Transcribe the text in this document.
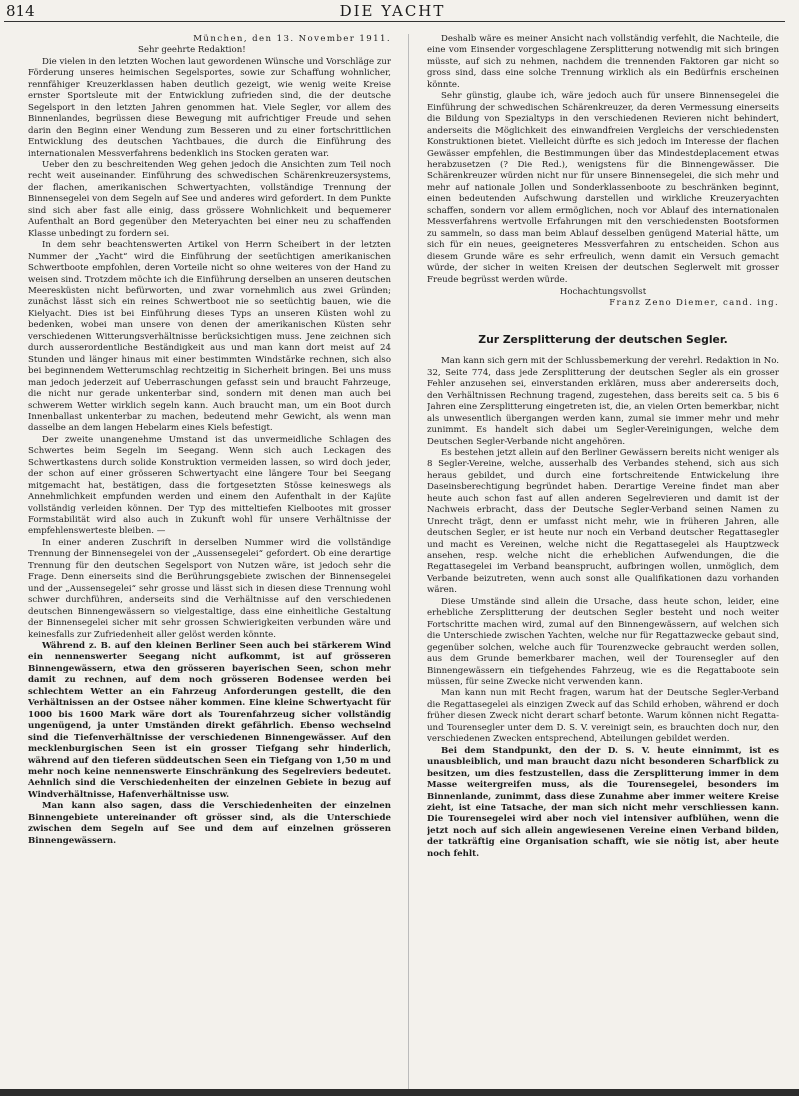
814	DIE YACHT

München, den 13. November 1911.

Sehr geehrte Redaktion!

Die vielen in den letzten Wochen laut gewordenen Wünsche und Vorschläge zur Förderung unseres heimischen Segelsportes, sowie zur Schaffung wohnlicher, rennfähiger Kreuzerklassen haben deutlich gezeigt, wie wenig weite Kreise ernster Sportsleute mit der Entwicklung zufrieden sind, die der deutsche Segelsport in den letzten Jahren genommen hat. Viele Segler, vor allem des Binnenlandes, begrüssen diese Bewegung mit aufrichtiger Freude und sehen darin den Beginn einer Wendung zum Besseren und zu einer fortschrittlichen Entwicklung des deutschen Yachtbaues, die durch die Einführung des internationalen Messverfahrens bedenklich ins Stocken geraten war.

Ueber den zu beschreitenden Weg gehen jedoch die Ansichten zum Teil noch recht weit auseinander. Einführung des schwedischen Schärenkreuzersystems, der flachen, amerikanischen Schwertyachten, vollständige Trennung der Binnensegelei von dem Segeln auf See und anderes wird gefordert. In dem Punkte sind sich aber fast alle einig, dass grössere Wohnlichkeit und bequemerer Aufenthalt an Bord gegenüber den Meteryachten bei einer neu zu schaffenden Klasse unbedingt zu fordern sei.

In dem sehr beachtenswerten Artikel von Herrn Scheibert in der letzten Nummer der „Yacht“ wird die Einführung der seetüchtigen amerikanischen Schwertboote empfohlen, deren Vorteile nicht so ohne weiteres von der Hand zu weisen sind. Trotzdem möchte ich die Einführung derselben an unseren deutschen Meeresküsten nicht befürworten, und zwar vornehmlich aus zwei Gründen; zunächst lässt sich ein reines Schwertboot nie so seetüchtig bauen, wie die Kielyacht. Dies ist bei Einführung dieses Typs an unseren Küsten wohl zu bedenken, wobei man unsere von denen der amerikanischen Küsten sehr verschiedenen Witterungsverhältnisse berücksichtigen muss. Jene zeichnen sich durch ausserordentliche Beständigkeit aus und man kann dort meist auf 24 Stunden und länger hinaus mit einer bestimmten Windstärke rechnen, sich also bei beginnendem Wetterumschlag rechtzeitig in Sicherheit bringen. Bei uns muss man jedoch jederzeit auf Ueberraschungen gefasst sein und braucht Fahrzeuge, die nicht nur gerade unkenterbar sind, sondern mit denen man auch bei schwerem Wetter wirklich segeln kann. Auch braucht man, um ein Boot durch Innenballast unkenterbar zu machen, bedeutend mehr Gewicht, als wenn man dasselbe an dem langen Hebelarm eines Kiels befestigt.

Der zweite unangenehme Umstand ist das unvermeidliche Schlagen des Schwertes beim Segeln im Seegang. Wenn sich auch Leckagen des Schwertkastens durch solide Konstruktion vermeiden lassen, so wird doch jeder, der schon auf einer grösseren Schwertyacht eine längere Tour bei Seegang mitgemacht hat, bestätigen, dass die fortgesetzten Stösse keineswegs als Annehmlichkeit empfunden werden und einem den Aufenthalt in der Kajüte vollständig verleiden können. Der Typ des mitteltiefen Kielbootes mit grosser Formstabilität wird also auch in Zukunft wohl für unsere Verhältnisse der empfehlenswerteste bleiben. —

In einer anderen Zuschrift in derselben Nummer wird die vollständige Trennung der Binnensegelei von der „Aussensegelei“ gefordert. Ob eine derartige Trennung für den deutschen Segelsport von Nutzen wäre, ist jedoch sehr die Frage. Denn einerseits sind die Berührungsgebiete zwischen der Binnensegelei und der „Aussensegelei“ sehr grosse und lässt sich in diesen diese Trennung wohl schwer durchführen, anderseits sind die Verhältnisse auf den verschiedenen deutschen Binnengewässern so vielgestaltige, dass eine einheitliche Gestaltung der Binnensegelei sicher mit sehr grossen Schwierigkeiten verbunden wäre und keinesfalls zur Zufriedenheit aller gelöst werden könnte.

Während z. B. auf den kleinen Berliner Seen auch bei stärkerem Wind ein nennenswerter Seegang nicht aufkommt, ist auf grösseren Binnengewässern, etwa den grösseren bayerischen Seen, schon mehr damit zu rechnen, auf dem noch grösseren Bodensee werden bei schlechtem Wetter an ein Fahrzeug Anforderungen gestellt, die den Verhältnissen an der Ostsee näher kommen. Eine kleine Schwertyacht für 1000 bis 1600 Mark wäre dort als Tourenfahrzeug sicher vollständig ungenügend, ja unter Umständen direkt gefährlich. Ebenso wechselnd sind die Tiefenverhältnisse der verschiedenen Binnengewässer. Auf den mecklenburgischen Seen ist ein grosser Tiefgang sehr hinderlich, während auf den tieferen süddeutschen Seen ein Tiefgang von 1,50 m und mehr noch keine nennenswerte Einschränkung des Segelreviers bedeutet. Aehnlich sind die Verschiedenheiten der einzelnen Gebiete in bezug auf Windverhältnisse, Hafenverhältnisse usw.

Man kann also sagen, dass die Verschiedenheiten der einzelnen Binnengebiete untereinander oft grösser sind, als die Unterschiede zwischen dem Segeln auf See und dem auf einzelnen grösseren Binnengewässern.

Deshalb wäre es meiner Ansicht nach vollständig verfehlt, die Nachteile, die eine vom Einsender vorgeschlagene Zersplitterung notwendig mit sich bringen müsste, auf sich zu nehmen, nachdem die trennenden Faktoren gar nicht so gross sind, dass eine solche Trennung wirklich als ein Bedürfnis erscheinen könnte.

Sehr günstig, glaube ich, wäre jedoch auch für unsere Binnensegelei die Einführung der schwedischen Schärenkreuzer, da deren Vermessung einerseits die Bildung von Spezialtyps in den verschiedenen Revieren nicht behindert, anderseits die Möglichkeit des einwandfreien Vergleichs der verschiedensten Konstruktionen bietet. Vielleicht dürfte es sich jedoch im Interesse der flachen Gewässer empfehlen, die Bestimmungen über das Mindestdeplacement etwas herabzusetzen (? Die Red.), wenigstens für die Binnengewässer. Die Schärenkreuzer würden nicht nur für unsere Binnensegelei, die sich mehr und mehr auf nationale Jollen und Sonderklassenboote zu beschränken beginnt, einen bedeutenden Aufschwung darstellen und wirkliche Kreuzeryachten schaffen, sondern vor allem ermöglichen, noch vor Ablauf des internationalen Messverfahrens wertvolle Erfahrungen mit den verschiedensten Bootsformen zu sammeln, so dass man beim Ablauf desselben genügend Material hätte, um sich für ein neues, geeigneteres Messverfahren zu entscheiden. Schon aus diesem Grunde wäre es sehr erfreulich, wenn damit ein Versuch gemacht würde, der sicher in weiten Kreisen der deutschen Seglerwelt mit grosser Freude begrüsst werden würde.

Hochachtungsvollst

Franz Zeno Diemer, cand. ing.

Zur Zersplitterung der deutschen Segler.

Man kann sich gern mit der Schlussbemerkung der verehrl. Redaktion in No. 32, Seite 774, dass jede Zersplitterung der deutschen Segler als ein grosser Fehler anzusehen sei, einverstanden erklären, muss aber andererseits doch, den Verhältnissen Rechnung tragend, zugestehen, dass bereits seit ca. 5 bis 6 Jahren eine Zersplitterung eingetreten ist, die, an vielen Orten bemerkbar, nicht als unwesentlich übergangen werden kann, zumal sie immer mehr und mehr zunimmt. Es handelt sich dabei um Segler-Vereinigungen, welche dem Deutschen Segler-Verbande nicht angehören.

Es bestehen jetzt allein auf den Berliner Gewässern bereits nicht weniger als 8 Segler-Vereine, welche, ausserhalb des Verbandes stehend, sich aus sich heraus gebildet, und durch eine fortschreitende Entwickelung ihre Daseinsberechtigung begründet haben. Derartige Vereine findet man aber heute auch schon fast auf allen anderen Segelrevieren und damit ist der Nachweis erbracht, dass der Deutsche Segler-Verband seinen Namen zu Unrecht trägt, denn er umfasst nicht mehr, wie in früheren Jahren, alle deutschen Segler, er ist heute nur noch ein Verband deutscher Regattasegler und macht es Vereinen, welche nicht die Regattasegelei als Hauptzweck ansehen, resp. welche nicht die erheblichen Aufwendungen, die die Regattasegelei im Verband beansprucht, aufbringen wollen, unmöglich, dem Verbande beizutreten, wenn auch sonst alle Qualifikationen dazu vorhanden wären.

Diese Umstände sind allein die Ursache, dass heute schon, leider, eine erhebliche Zersplitterung der deutschen Segler besteht und noch weiter Fortschritte machen wird, zumal auf den Binnengewässern, auf welchen sich die Unterschiede zwischen Yachten, welche nur für Regattazwecke gebaut sind, gegenüber solchen, welche auch für Tourenzwecke gebraucht werden sollen, aus dem Grunde bemerkbarer machen, weil der Tourensegler auf den Binnengewässern ein tiefgehendes Fahrzeug, wie es die Regattaboote sein müssen, für seine Zwecke nicht verwenden kann.

Man kann nun mit Recht fragen, warum hat der Deutsche Segler-Verband die Regattasegelei als einzigen Zweck auf das Schild erhoben, während er doch früher diesen Zweck nicht derart scharf betonte. Warum können nicht Regatta- und Tourensegler unter dem D. S. V. vereinigt sein, es brauchten doch nur, den verschiedenen Zwecken entsprechend, Abteilungen gebildet werden.

Bei dem Standpunkt, den der D. S. V. heute einnimmt, ist es unausbleiblich, und man braucht dazu nicht besonderen Scharfblick zu besitzen, um dies festzustellen, dass die Zersplitterung immer in dem Masse weitergreifen muss, als die Tourensegelei, besonders im Binnenlande, zunimmt, dass diese Zunahme aber immer weitere Kreise zieht, ist eine Tatsache, der man sich nicht mehr verschliessen kann. Die Tourensegelei wird aber noch viel intensiver aufblühen, wenn die jetzt noch auf sich allein angewiesenen Vereine einen Verband bilden, der tatkräftig eine Organisation schafft, wie sie nötig ist, aber heute noch fehlt.
